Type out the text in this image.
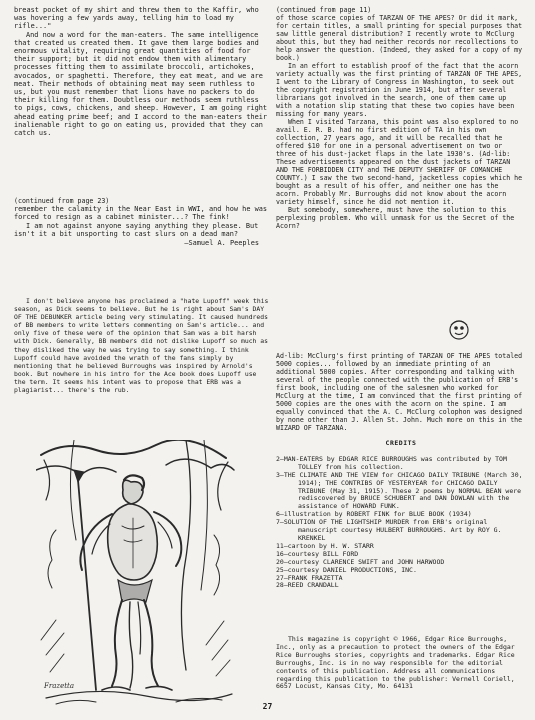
breast pocket of my shirt and threw them to the Kaffir, who was hovering a few yards away, telling him to load my rifle..."

And now a word for the man-eaters. The same intelligence that created us created them. It gave them large bodies and enormous vitality, requiring great quantities of food for their support; but it did not endow them with alimentary processes fitting them to assimilate broccoli, artichokes, avocados, or spaghetti. Therefore, they eat meat, and we are meat. Their methods of obtaining meat may seem ruthless to us, but you must remember that lions have no packers to do their killing for them. Doubtless our methods seem ruthless to pigs, cows, chickens, and sheep. However, I am going right ahead eating prime beef; and I accord to the man-eaters their inalienable right to go on eating us, provided that they can catch us.

(continued from page 23)

remember the calamity in the Near East in WWI, and how he was forced to resign as a cabinet minister...? The fink!

I am not against anyone saying anything they please. But isn't it a bit unsporting to cast slurs on a dead man?

—Samuel A. Peeples

I don't believe anyone has proclaimed a "hate Lupoff" week this season, as Dick seems to believe. But he is right about Sam's DAY OF THE DEBUNKER article being very stimulating. It caused hundreds of BB members to write letters commenting on Sam's article... and only five of these were of the opinion that Sam was a bit harsh with Dick. Generally, BB members did not dislike Lupoff so much as they disliked the way he was trying to say something. I think Lupoff could have avoided the wrath of the fans simply by mentioning that he believed Burroughs was inspired by Arnold's book. But nowhere in his intro for the Ace book does Lupoff use the term. It seems his intent was to propose that ERB was a plagiarist... there's the rub.

Frazetta

(continued from page 11)

of those scarce copies of TARZAN OF THE APES? Or did it mark, for certain titles, a small printing for special purposes that saw little general distribution? I recently wrote to McClurg about this, but they had neither records nor recollections to help answer the question. (Indeed, they asked for a copy of my book.)

In an effort to establish proof of the fact that the acorn variety actually was the first printing of TARZAN OF THE APES, I went to the Library of Congress in Washington, to seek out the copyright registration in June 1914, but after several librarians got involved in the search, one of them came up with a notation slip stating that these two copies have been missing for many years.

When I visited Tarzana, this point was also explored to no avail. E. R. B. had no first edition of TA in his own collection, 27 years ago, and it will be recalled that he offered $10 for one in a personal advertisement on two or three of his dust-jacket flaps in the late 1930's. (Ad-lib: These advertisements appeared on the dust jackets of TARZAN AND THE FORBIDDEN CITY and THE DEPUTY SHERIFF OF COMANCHE COUNTY.) I saw the two second-hand, jacketless copies which he bought as a result of his offer, and neither one has the acorn. Probably Mr. Burroughs did not know about the acorn variety himself, since he did not mention it.

But somebody, somewhere, must have the solution to this perplexing problem. Who will unmask for us the Secret of the Acorn?

Ad-lib: McClurg's first printing of TARZAN OF THE APES totaled 5000 copies... followed by an immediate printing of an additional 5000 copies. After corresponding and talking with several of the people connected with the publication of ERB's first book, including one of the salesmen who worked for McClurg at the time, I am convinced that the first printing of 5000 copies are the ones with the acorn on the spine. I am equally convinced that the A. C. McClurg colophon was designed by none other than J. Allen St. John. Much more on this in the WIZARD OF TARZANA.

CREDITS

2—MAN-EATERS by EDGAR RICE BURROUGHS was contributed by TOM TOLLEY from his collection.

3—THE CLIMATE AND THE VIEW for CHICAGO DAILY TRIBUNE (March 30, 1914); THE CONTRIBS OF YESTERYEAR for CHICAGO DAILY TRIBUNE (May 31, 1915). These 2 poems by NORMAL BEAN were rediscovered by BRUCE SCHUBERT and DAN DOWLAN with the assistance of HOWARD FUNK.

6—illustration by ROBERT FINK for BLUE BOOK (1934)

7—SOLUTION OF THE LIGHTSHIP MURDER from ERB's original manuscript courtesy HULBERT BURROUGHS. Art by ROY G. KRENKEL

11—cartoon by H. W. STARR

16—courtesy BILL FORD

20—courtesy CLARENCE SWIFT and JOHN HARWOOD

25—courtesy DANIEL PRODUCTIONS, INC.

27—FRANK FRAZETTA

28—REED CRANDALL

This magazine is copyright © 1966, Edgar Rice Burroughs, Inc., only as a precaution to protect the owners of the Edgar Rice Burroughs stories, copyrights and trademarks. Edgar Rice Burroughs, Inc. is in no way responsible for the editorial contents of this publication. Address all communications regarding this publication to the publisher: Vernell Coriell, 6657 Locust, Kansas City, Mo. 64131

27
